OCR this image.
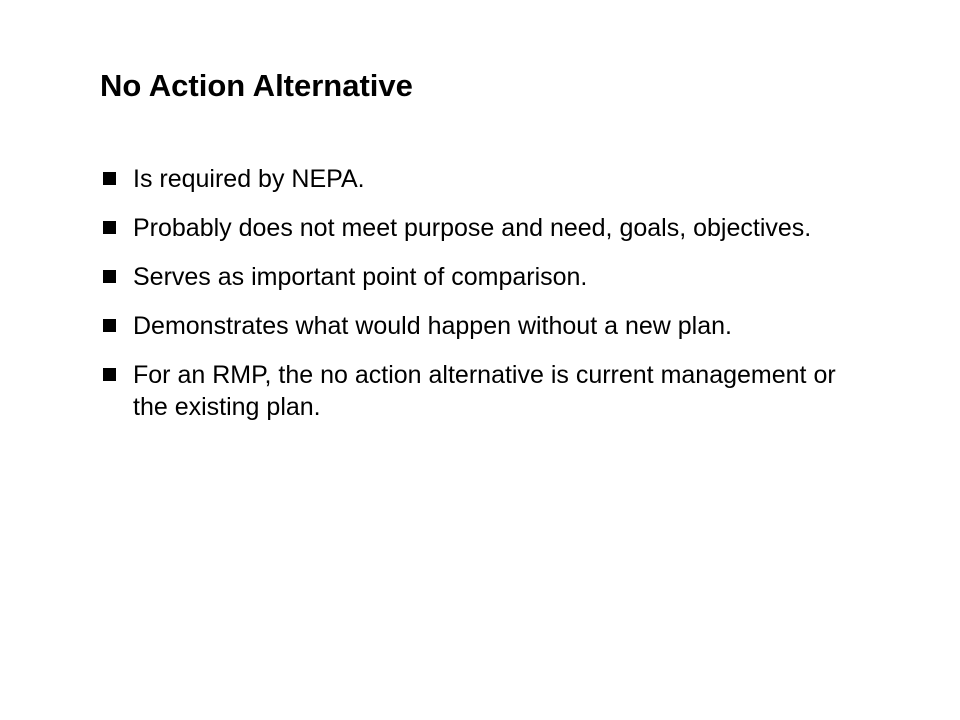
No Action Alternative
Is required by NEPA.
Probably does not meet purpose and need, goals, objectives.
Serves as important point of comparison.
Demonstrates what would happen without a new plan.
For an RMP, the no action alternative is current management or the existing plan.
